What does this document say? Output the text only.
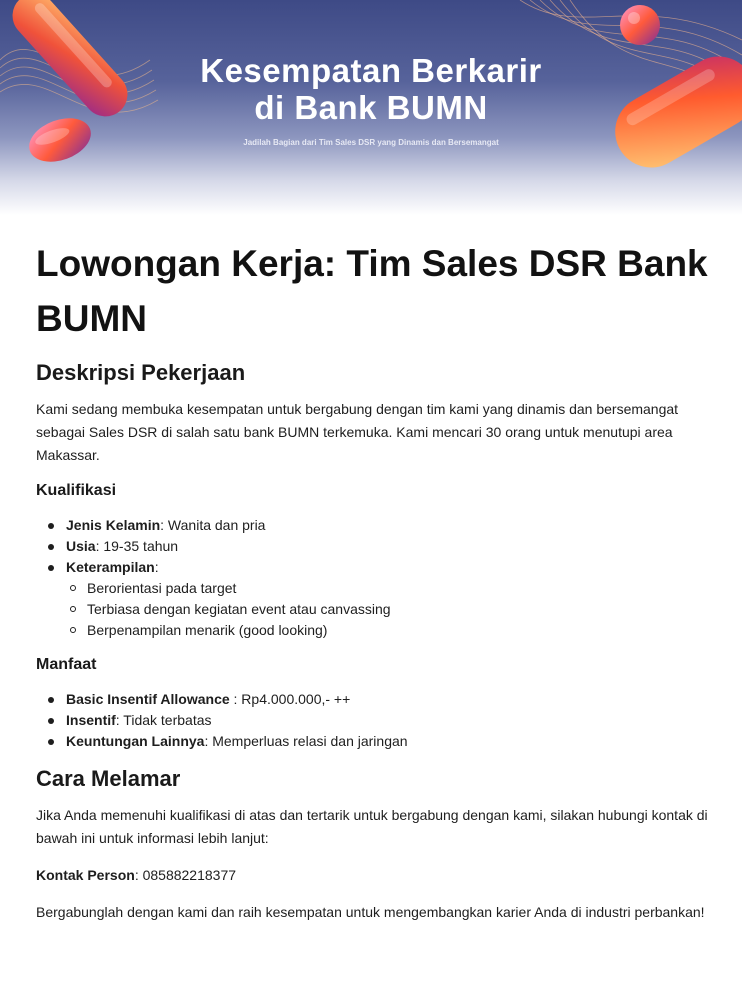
Kesempatan Berkarir
di Bank BUMN
Jadilah Bagian dari Tim Sales DSR yang Dinamis dan Bersemangat
Lowongan Kerja: Tim Sales DSR Bank BUMN
Deskripsi Pekerjaan

Kami sedang membuka kesempatan untuk bergabung dengan tim kami yang dinamis dan bersemangat sebagai Sales DSR di salah satu bank BUMN terkemuka. Kami mencari 30 orang untuk menutupi area Makassar.

Kualifikasi
Jenis Kelamin: Wanita dan pria
Usia: 19-35 tahun
Keterampilan:
Berorientasi pada target
Terbiasa dengan kegiatan event atau canvassing
Berpenampilan menarik (good looking)
Manfaat
Basic Insentif Allowance : Rp4.000.000,- ++
Insentif: Tidak terbatas
Keuntungan Lainnya: Memperluas relasi dan jaringan
Cara Melamar

Jika Anda memenuhi kualifikasi di atas dan tertarik untuk bergabung dengan kami, silakan hubungi kontak di bawah ini untuk informasi lebih lanjut:

Kontak Person: 085882218377

Bergabunglah dengan kami dan raih kesempatan untuk mengembangkan karier Anda di industri perbankan!
